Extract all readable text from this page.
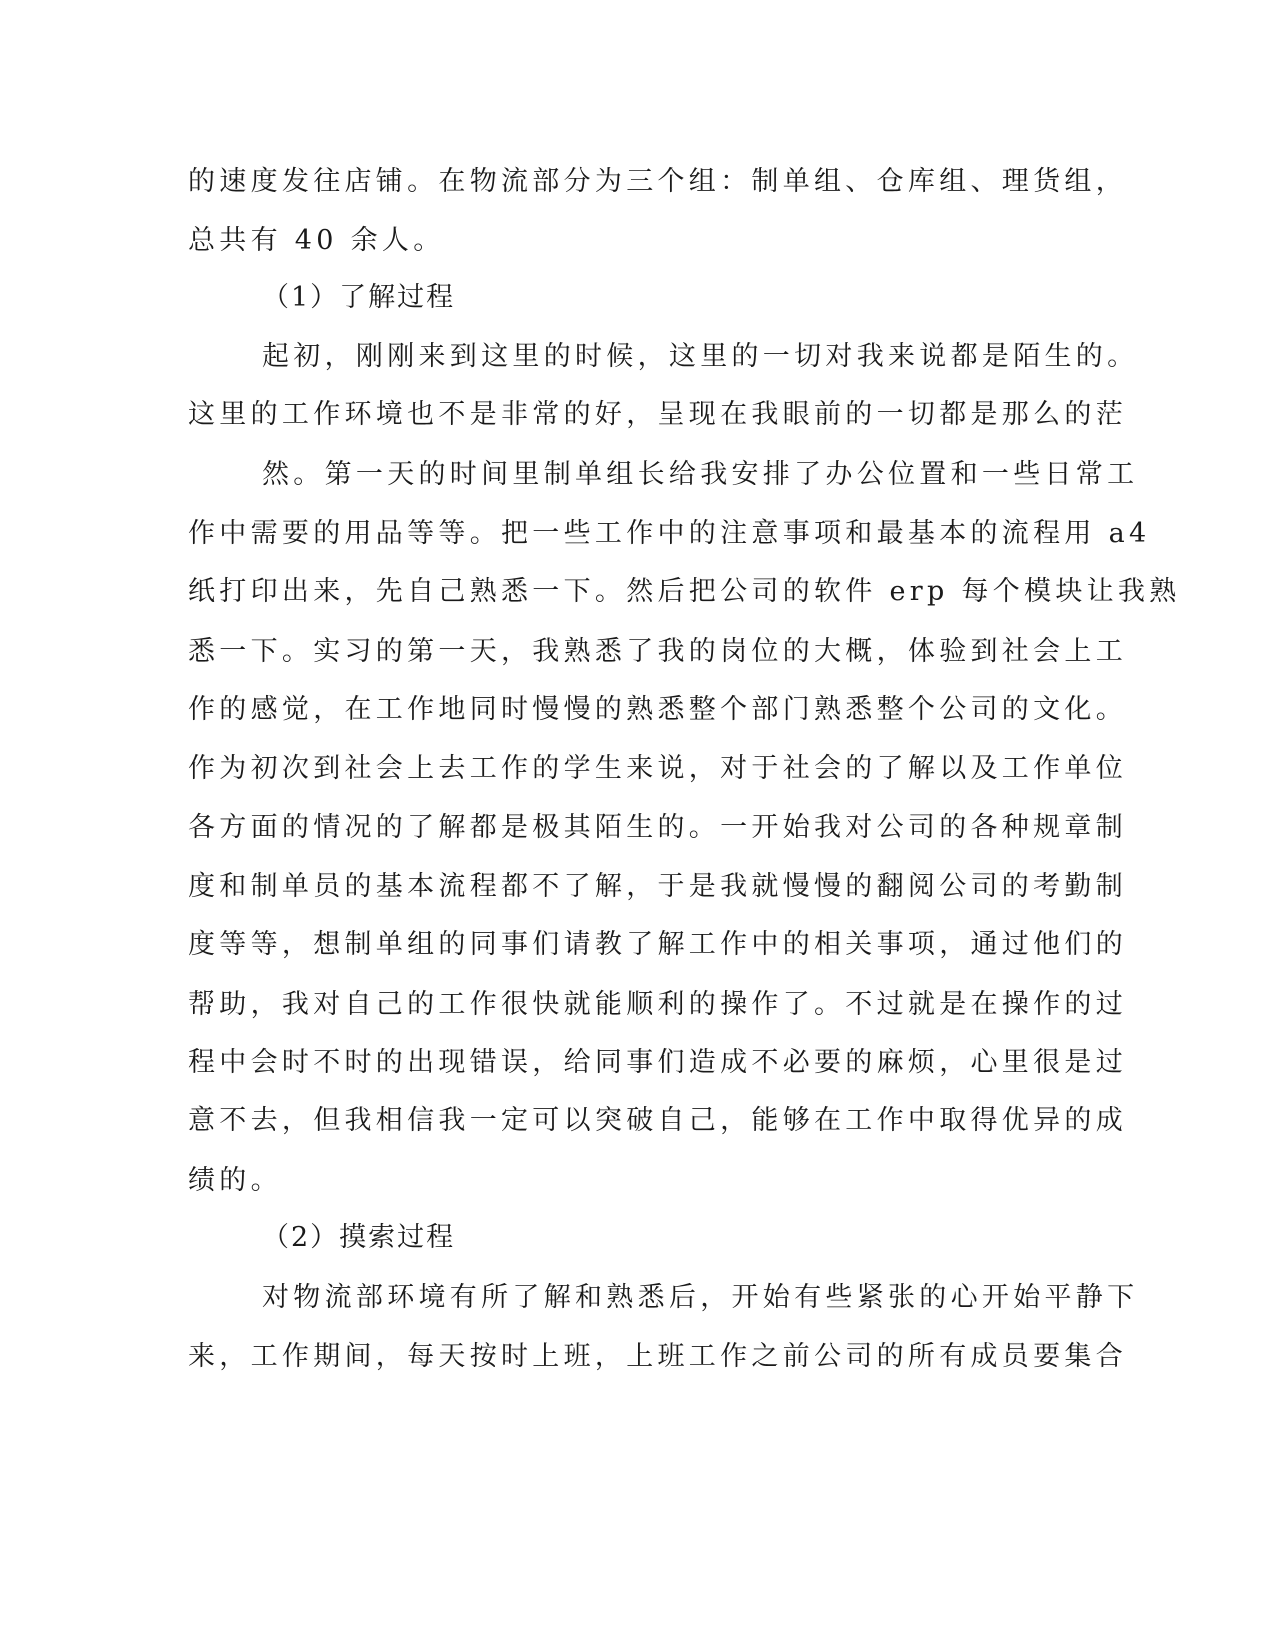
的速度发往店铺。在物流部分为三个组：制单组、仓库组、理货组，
总共有 40 余人。
（1）了解过程
起初，刚刚来到这里的时候，这里的一切对我来说都是陌生的。
这里的工作环境也不是非常的好，呈现在我眼前的一切都是那么的茫
然。第一天的时间里制单组长给我安排了办公位置和一些日常工
作中需要的用品等等。把一些工作中的注意事项和最基本的流程用 a4
纸打印出来，先自己熟悉一下。然后把公司的软件 erp 每个模块让我熟
悉一下。实习的第一天，我熟悉了我的岗位的大概，体验到社会上工
作的感觉，在工作地同时慢慢的熟悉整个部门熟悉整个公司的文化。
作为初次到社会上去工作的学生来说，对于社会的了解以及工作单位
各方面的情况的了解都是极其陌生的。一开始我对公司的各种规章制
度和制单员的基本流程都不了解，于是我就慢慢的翻阅公司的考勤制
度等等，想制单组的同事们请教了解工作中的相关事项，通过他们的
帮助，我对自己的工作很快就能顺利的操作了。不过就是在操作的过
程中会时不时的出现错误，给同事们造成不必要的麻烦，心里很是过
意不去，但我相信我一定可以突破自己，能够在工作中取得优异的成
绩的。
（2）摸索过程
对物流部环境有所了解和熟悉后，开始有些紧张的心开始平静下
来，工作期间，每天按时上班，上班工作之前公司的所有成员要集合
